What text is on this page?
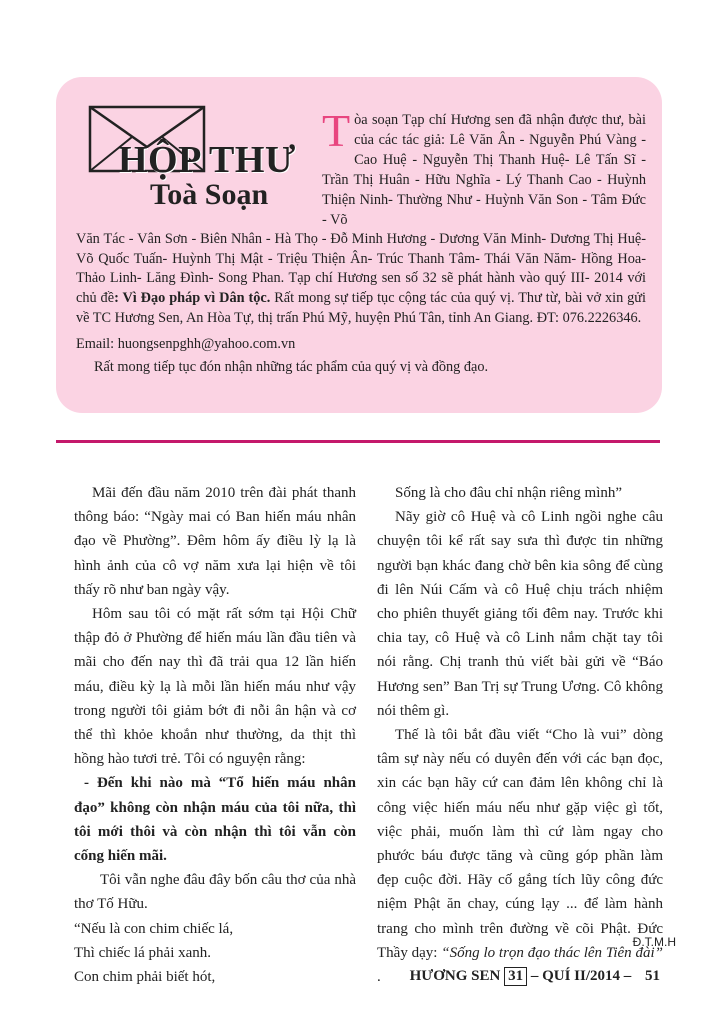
HỘP THƯ
Toà Soạn
Tòa soạn Tạp chí Hương sen đã nhận được thư, bài của các tác giả: Lê Văn Ân - Nguyễn Phú Vàng - Cao Huệ - Nguyễn Thị Thanh Huệ- Lê Tấn Sĩ - Trần Thị Huân - Hữu Nghĩa - Lý Thanh Cao - Huỳnh Thiện Ninh- Thường Như - Huỳnh Văn Son - Tâm Đức - Võ

Văn Tác - Vân Sơn - Biên Nhân - Hà Thọ - Đỗ Minh Hương - Dương Văn Minh- Dương Thị Huệ- Võ Quốc Tuấn- Huỳnh Thị Mật - Triệu Thiện Ân- Trúc Thanh Tâm- Thái Văn Năm- Hồng Hoa- Thảo Linh- Lăng Đình- Song Phan. Tạp chí Hương sen số 32 sẽ phát hành vào quý III- 2014 với chủ đề: Vì Đạo pháp vì Dân tộc. Rất mong sự tiếp tục cộng tác của quý vị. Thư từ, bài vở xin gửi về TC Hương Sen, An Hòa Tự, thị trấn Phú Mỹ, huyện Phú Tân, tỉnh An Giang. ĐT: 076.2226346.

Email: huongsenpghh@yahoo.com.vn

Rất mong tiếp tục đón nhận những tác phẩm của quý vị và đồng đạo.

Mãi đến đầu năm 2010 trên đài phát thanh thông báo: “Ngày mai có Ban hiến máu nhân đạo về Phường”. Đêm hôm ấy điều lỳ lạ là hình ảnh của cô vợ năm xưa lại hiện về tôi thấy rõ như ban ngày vậy.

Hôm sau tôi có mặt rất sớm tại Hội Chữ thập đỏ ở Phường để hiến máu lần đầu tiên và mãi cho đến nay thì đã trải qua 12 lần hiến máu, điều kỳ lạ là mỗi lần hiến máu như vậy trong người tôi giảm bớt đi nỗi ân hận và cơ thể thì khỏe khoắn như thường, da thịt thì hồng hào tươi trẻ. Tôi có nguyện rằng:

- Đến khi nào mà “Tổ hiến máu nhân đạo” không còn nhận máu của tôi nữa, thì tôi mới thôi và còn nhận thì tôi vẫn còn cống hiến mãi.

Tôi vẫn nghe đâu đây bốn câu thơ của nhà thơ Tố Hữu.

“Nếu là con chim chiếc lá,

Thì chiếc lá phải xanh.

Con chim phải biết hót,

Sống là cho đâu chỉ nhận riêng mình”

Nãy giờ cô Huệ và cô Linh ngồi nghe câu chuyện tôi kể rất say sưa thì được tin những người bạn khác đang chờ bên kia sông để cùng đi lên Núi Cấm và cô Huệ chịu trách nhiệm cho phiên thuyết giảng tối đêm nay. Trước khi chia tay, cô Huệ và cô Linh nắm chặt tay tôi nói rằng. Chị tranh thủ viết bài gửi về “Báo Hương sen” Ban Trị sự Trung Ương. Cô không nói thêm gì.

Thế là tôi bắt đầu viết “Cho là vui” dòng tâm sự này nếu có duyên đến với các bạn đọc, xin các bạn hãy cứ can đảm lên không chỉ là công việc hiến máu nếu như gặp việc gì tốt, việc phải, muốn làm thì cứ làm ngay cho phước báu được tăng và cũng góp phần làm đẹp cuộc đời. Hãy cố gắng tích lũy công đức niệm Phật ăn chay, cúng lạy ... để làm hành trang cho mình trên đường về cõi Phật. Đức Thầy dạy: “Sống lo trọn đạo thác lên Tiên đài” .

Đ.T.M.H
HƯƠNG SEN 31 – QUÍ II/2014 – 51
